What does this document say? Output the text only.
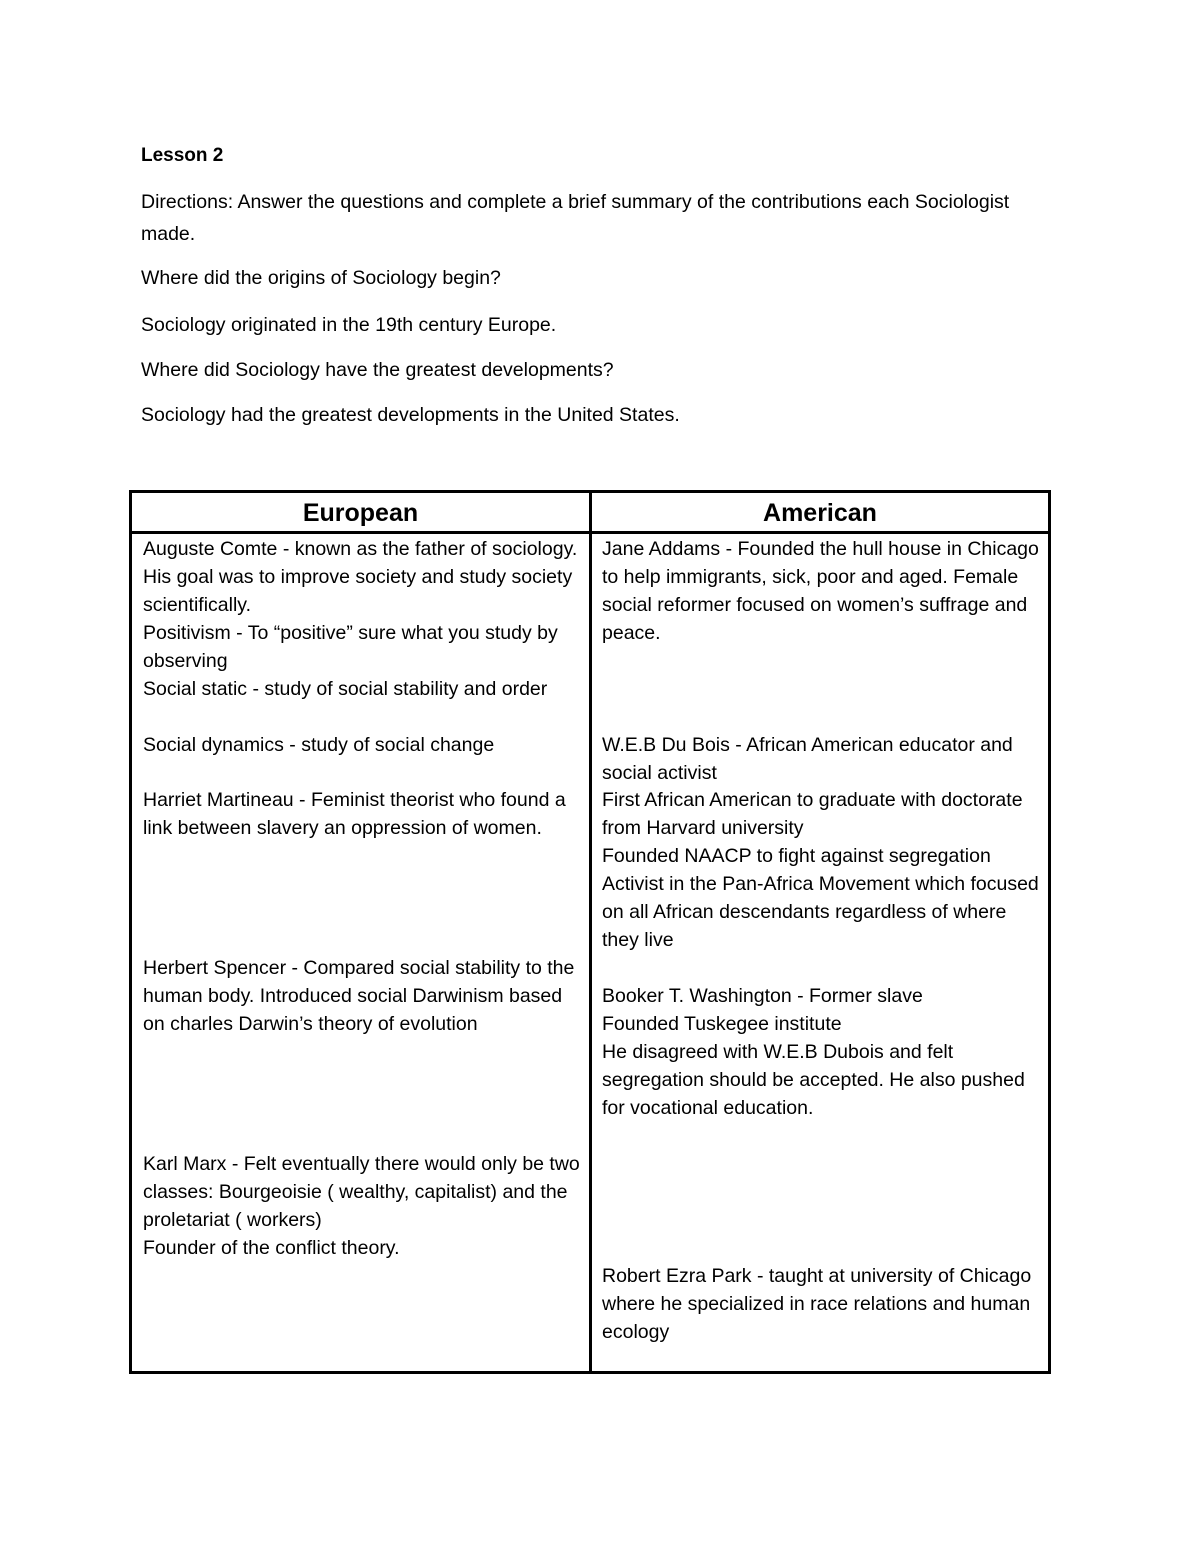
Lesson 2

Directions: Answer the questions and complete a brief summary of the contributions each Sociologist made.

Where did the origins of Sociology begin?

Sociology originated in the 19th century Europe.

Where did Sociology have the greatest developments?

Sociology had the greatest developments in the United States.

European	American

Auguste Comte - known as the father of sociology. His goal was to improve society and study society scientifically.

Positivism - To “positive” sure what you study by observing

Social static - study of social stability and order

Social dynamics - study of social change

Harriet Martineau - Feminist theorist who found a link between slavery an oppression of women.

Herbert Spencer - Compared social stability to the human body. Introduced social Darwinism based on charles Darwin’s theory of evolution

Karl Marx - Felt eventually there would only be two classes: Bourgeoisie ( wealthy, capitalist) and the proletariat ( workers)

Founder of the conflict theory.

Jane Addams - Founded the hull house in Chicago to help immigrants, sick, poor and aged. Female social reformer focused on women’s suffrage and peace.

W.E.B Du Bois - African American educator and social activist

First African American to graduate with doctorate from Harvard university

Founded NAACP to fight against segregation

Activist in the Pan-Africa Movement which focused on all African descendants regardless of where they live

Booker T. Washington - Former slave

Founded Tuskegee institute

He disagreed with W.E.B Dubois and felt segregation should be accepted. He also pushed for vocational education.

Robert Ezra Park - taught at university of Chicago where he specialized in race relations and human ecology
